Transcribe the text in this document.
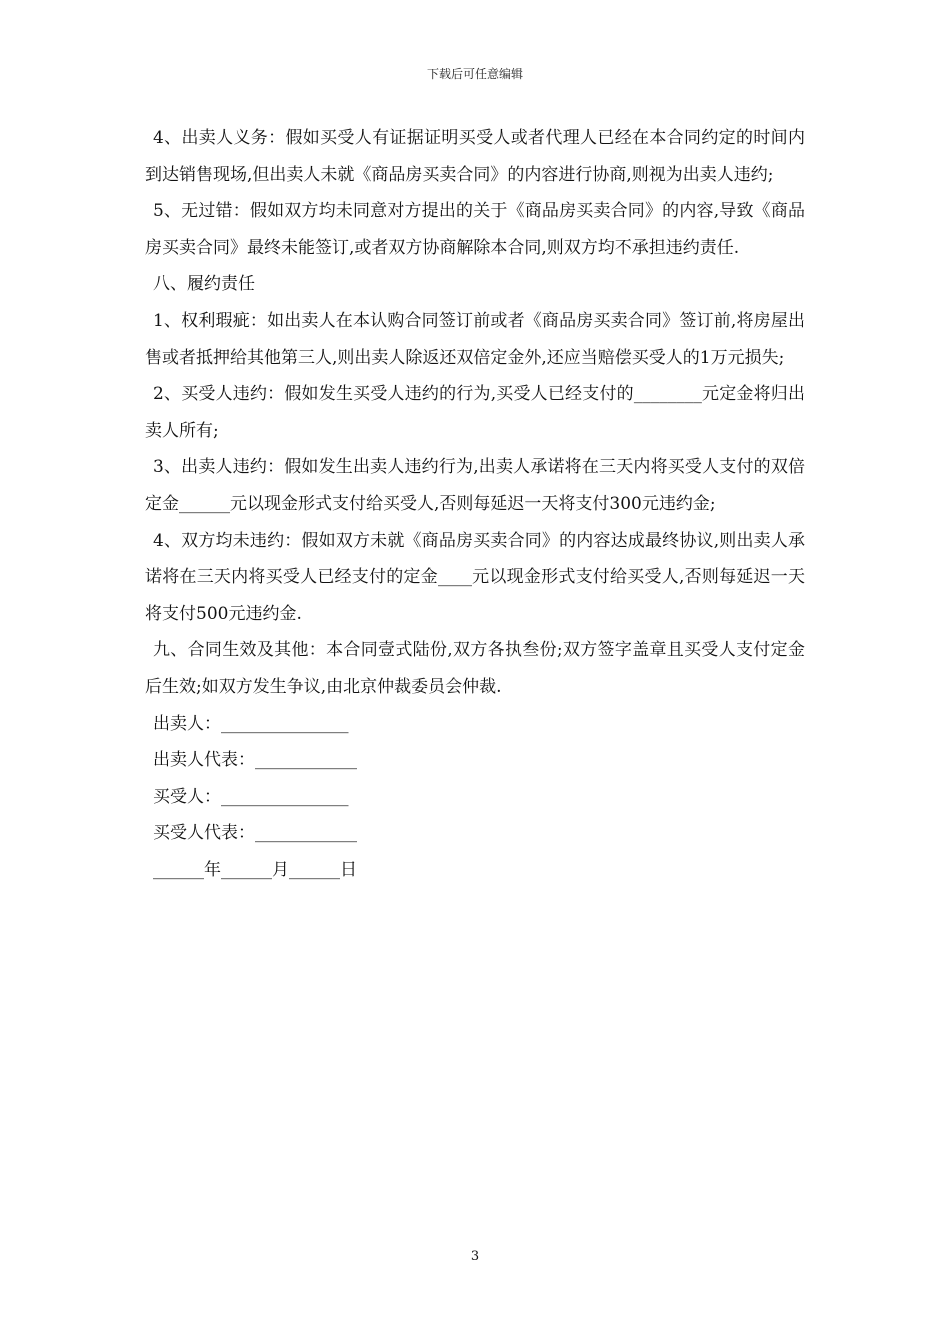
下载后可任意编辑

4、出卖人义务：假如买受人有证据证明买受人或者代理人已经在本合同约定的时间内到达销售现场,但出卖人未就《商品房买卖合同》的内容进行协商,则视为出卖人违约;

5、无过错：假如双方均未同意对方提出的关于《商品房买卖合同》的内容,导致《商品房买卖合同》最终未能签订,或者双方协商解除本合同,则双方均不承担违约责任.

八、履约责任

1、权利瑕疵：如出卖人在本认购合同签订前或者《商品房买卖合同》签订前,将房屋出售或者抵押给其他第三人,则出卖人除返还双倍定金外,还应当赔偿买受人的1万元损失;

2、买受人违约：假如发生买受人违约的行为,买受人已经支付的________元定金将归出卖人所有;

3、出卖人违约：假如发生出卖人违约行为,出卖人承诺将在三天内将买受人支付的双倍定金______元以现金形式支付给买受人,否则每延迟一天将支付300元违约金;

4、双方均未违约：假如双方未就《商品房买卖合同》的内容达成最终协议,则出卖人承诺将在三天内将买受人已经支付的定金____元以现金形式支付给买受人,否则每延迟一天将支付500元违约金.

九、合同生效及其他：本合同壹式陆份,双方各执叁份;双方签字盖章且买受人支付定金后生效;如双方发生争议,由北京仲裁委员会仲裁.

出卖人：_______________
出卖人代表：____________
买受人：_______________
买受人代表：____________
______年______月______日
3
